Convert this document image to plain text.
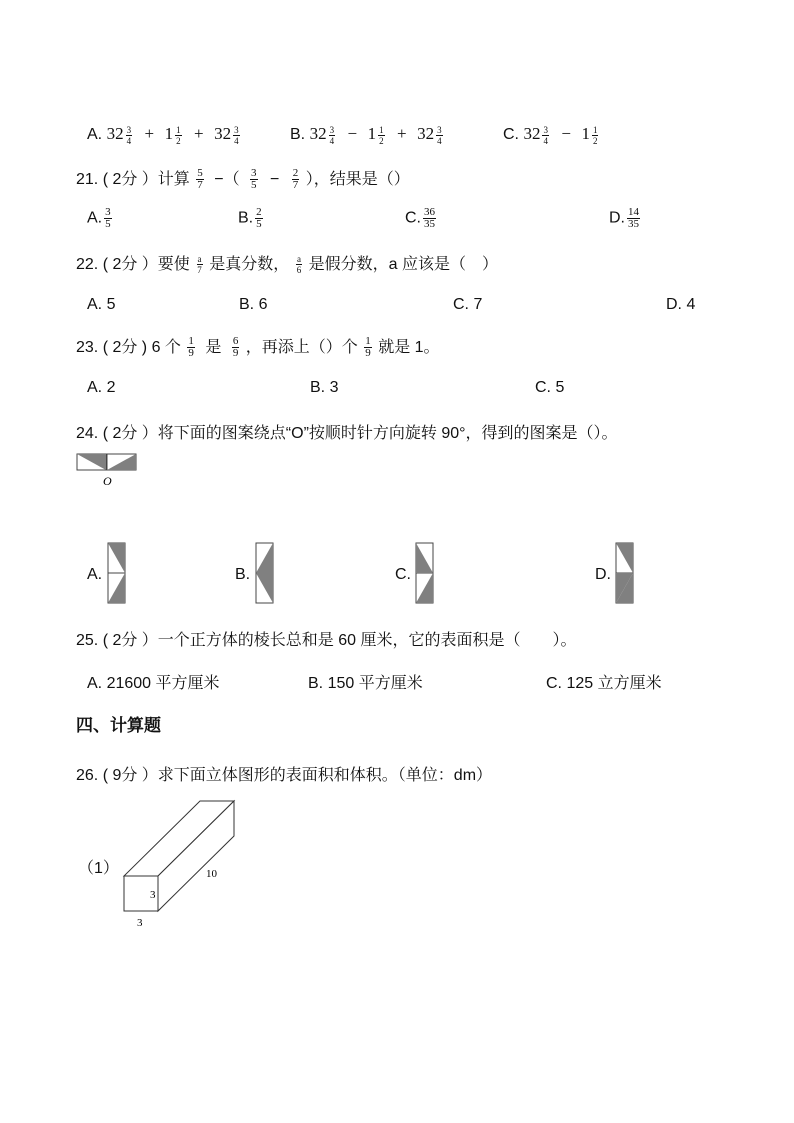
A. $32 \frac{3}{4} + 1 \frac{1}{2} + 32 \frac{3}{4}$	B. $32 \frac{3}{4} - 1 \frac{1}{2} + 32 \frac{3}{4}$	C. $32 \frac{3}{4} - 1 \frac{1}{2}$
21. ( 2分 ）计算 $\frac{5}{7}$ −（ $\frac{3}{5} - \frac{2}{7}$ ），结果是（）
A. $\frac{3}{5}$	B. $\frac{2}{5}$	C. $\frac{36}{35}$	D. $\frac{14}{35}$
22. ( 2分 ）要使 $\frac{a}{7}$ 是真分数， $\frac{a}{6}$ 是假分数，a 应该是（　）
A. 5	B. 6	C. 7	D. 4
23. ( 2分 ) 6 个 $\frac{1}{9}$ 是 $\frac{6}{9}$ ，再添上（）个 $\frac{1}{9}$ 就是 1。
A. 2	B. 3	C. 5
24. ( 2分 ）将下面的图案绕点“O”按顺时针方向旋转 90°，得到的图案是（）。
O
A.	B.	C.	D.
25. ( 2分 ）一个正方体的棱长总和是 60 厘米，它的表面积是（　　）。
A. 21600 平方厘米	B. 150 平方厘米	C. 125 立方厘米
四、计算题
26. ( 9分 ）求下面立体图形的表面积和体积。（单位：dm）
（1）
3
3
10
